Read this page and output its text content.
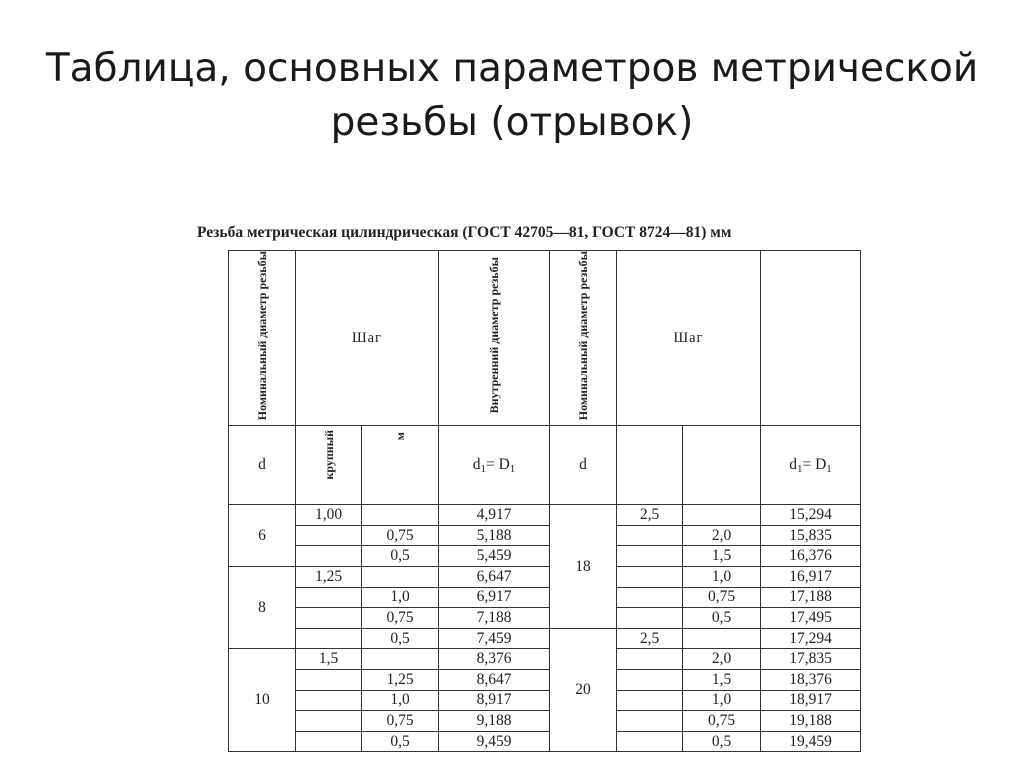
Таблица, основных параметров метрической
резьбы (отрывок)
Резьба метрическая цилиндрическая (ГОСТ 42705—81, ГОСТ 8724—81) мм
Номинальный диаметр резьбы	Шаг		Внутренний диаметр резьбы	Номинальный диаметр резьбы	Шаг		
d	крупный	м	$d_1= D_1$	d			$d_1= D_1$
6	1,00		4,917	18	2,5		15,294
		0,75	5,188			2,0	15,835
		0,5	5,459			1,5	16,376
8	1,25		6,647			1,0	16,917
		1,0	6,917			0,75	17,188
		0,75	7,188			0,5	17,495
		0,5	7,459	20	2,5		17,294
10	1,5		8,376			2,0	17,835
		1,25	8,647			1,5	18,376
		1,0	8,917			1,0	18,917
		0,75	9,188			0,75	19,188
		0,5	9,459			0,5	19,459
